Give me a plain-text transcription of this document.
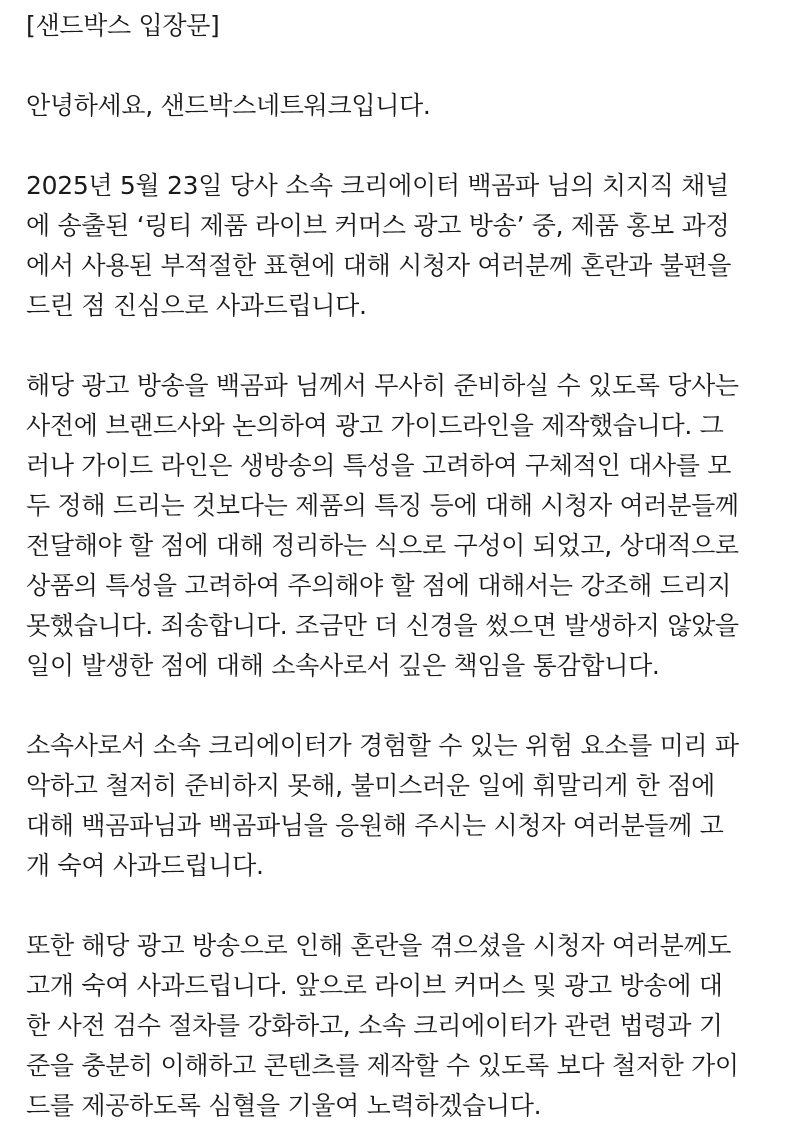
[샌드박스 입장문]
안녕하세요, 샌드박스네트워크입니다.
2025년 5월 23일 당사 소속 크리에이터 백곰파 님의 치지직 채널
에 송출된 ‘링티 제품 라이브 커머스 광고 방송’ 중, 제품 홍보 과정
에서 사용된 부적절한 표현에 대해 시청자 여러분께 혼란과 불편을
드린 점 진심으로 사과드립니다.
해당 광고 방송을 백곰파 님께서 무사히 준비하실 수 있도록 당사는
사전에 브랜드사와 논의하여 광고 가이드라인을 제작했습니다. 그
러나 가이드 라인은 생방송의 특성을 고려하여 구체적인 대사를 모
두 정해 드리는 것보다는 제품의 특징 등에 대해 시청자 여러분들께
전달해야 할 점에 대해 정리하는 식으로 구성이 되었고, 상대적으로
상품의 특성을 고려하여 주의해야 할 점에 대해서는 강조해 드리지
못했습니다. 죄송합니다. 조금만 더 신경을 썼으면 발생하지 않았을
일이 발생한 점에 대해 소속사로서 깊은 책임을 통감합니다.
소속사로서 소속 크리에이터가 경험할 수 있는 위험 요소를 미리 파
악하고 철저히 준비하지 못해, 불미스러운 일에 휘말리게 한 점에
대해 백곰파님과 백곰파님을 응원해 주시는 시청자 여러분들께 고
개 숙여 사과드립니다.
또한 해당 광고 방송으로 인해 혼란을 겪으셨을 시청자 여러분께도
고개 숙여 사과드립니다. 앞으로 라이브 커머스 및 광고 방송에 대
한 사전 검수 절차를 강화하고, 소속 크리에이터가 관련 법령과 기
준을 충분히 이해하고 콘텐츠를 제작할 수 있도록 보다 철저한 가이
드를 제공하도록 심혈을 기울여 노력하겠습니다.
